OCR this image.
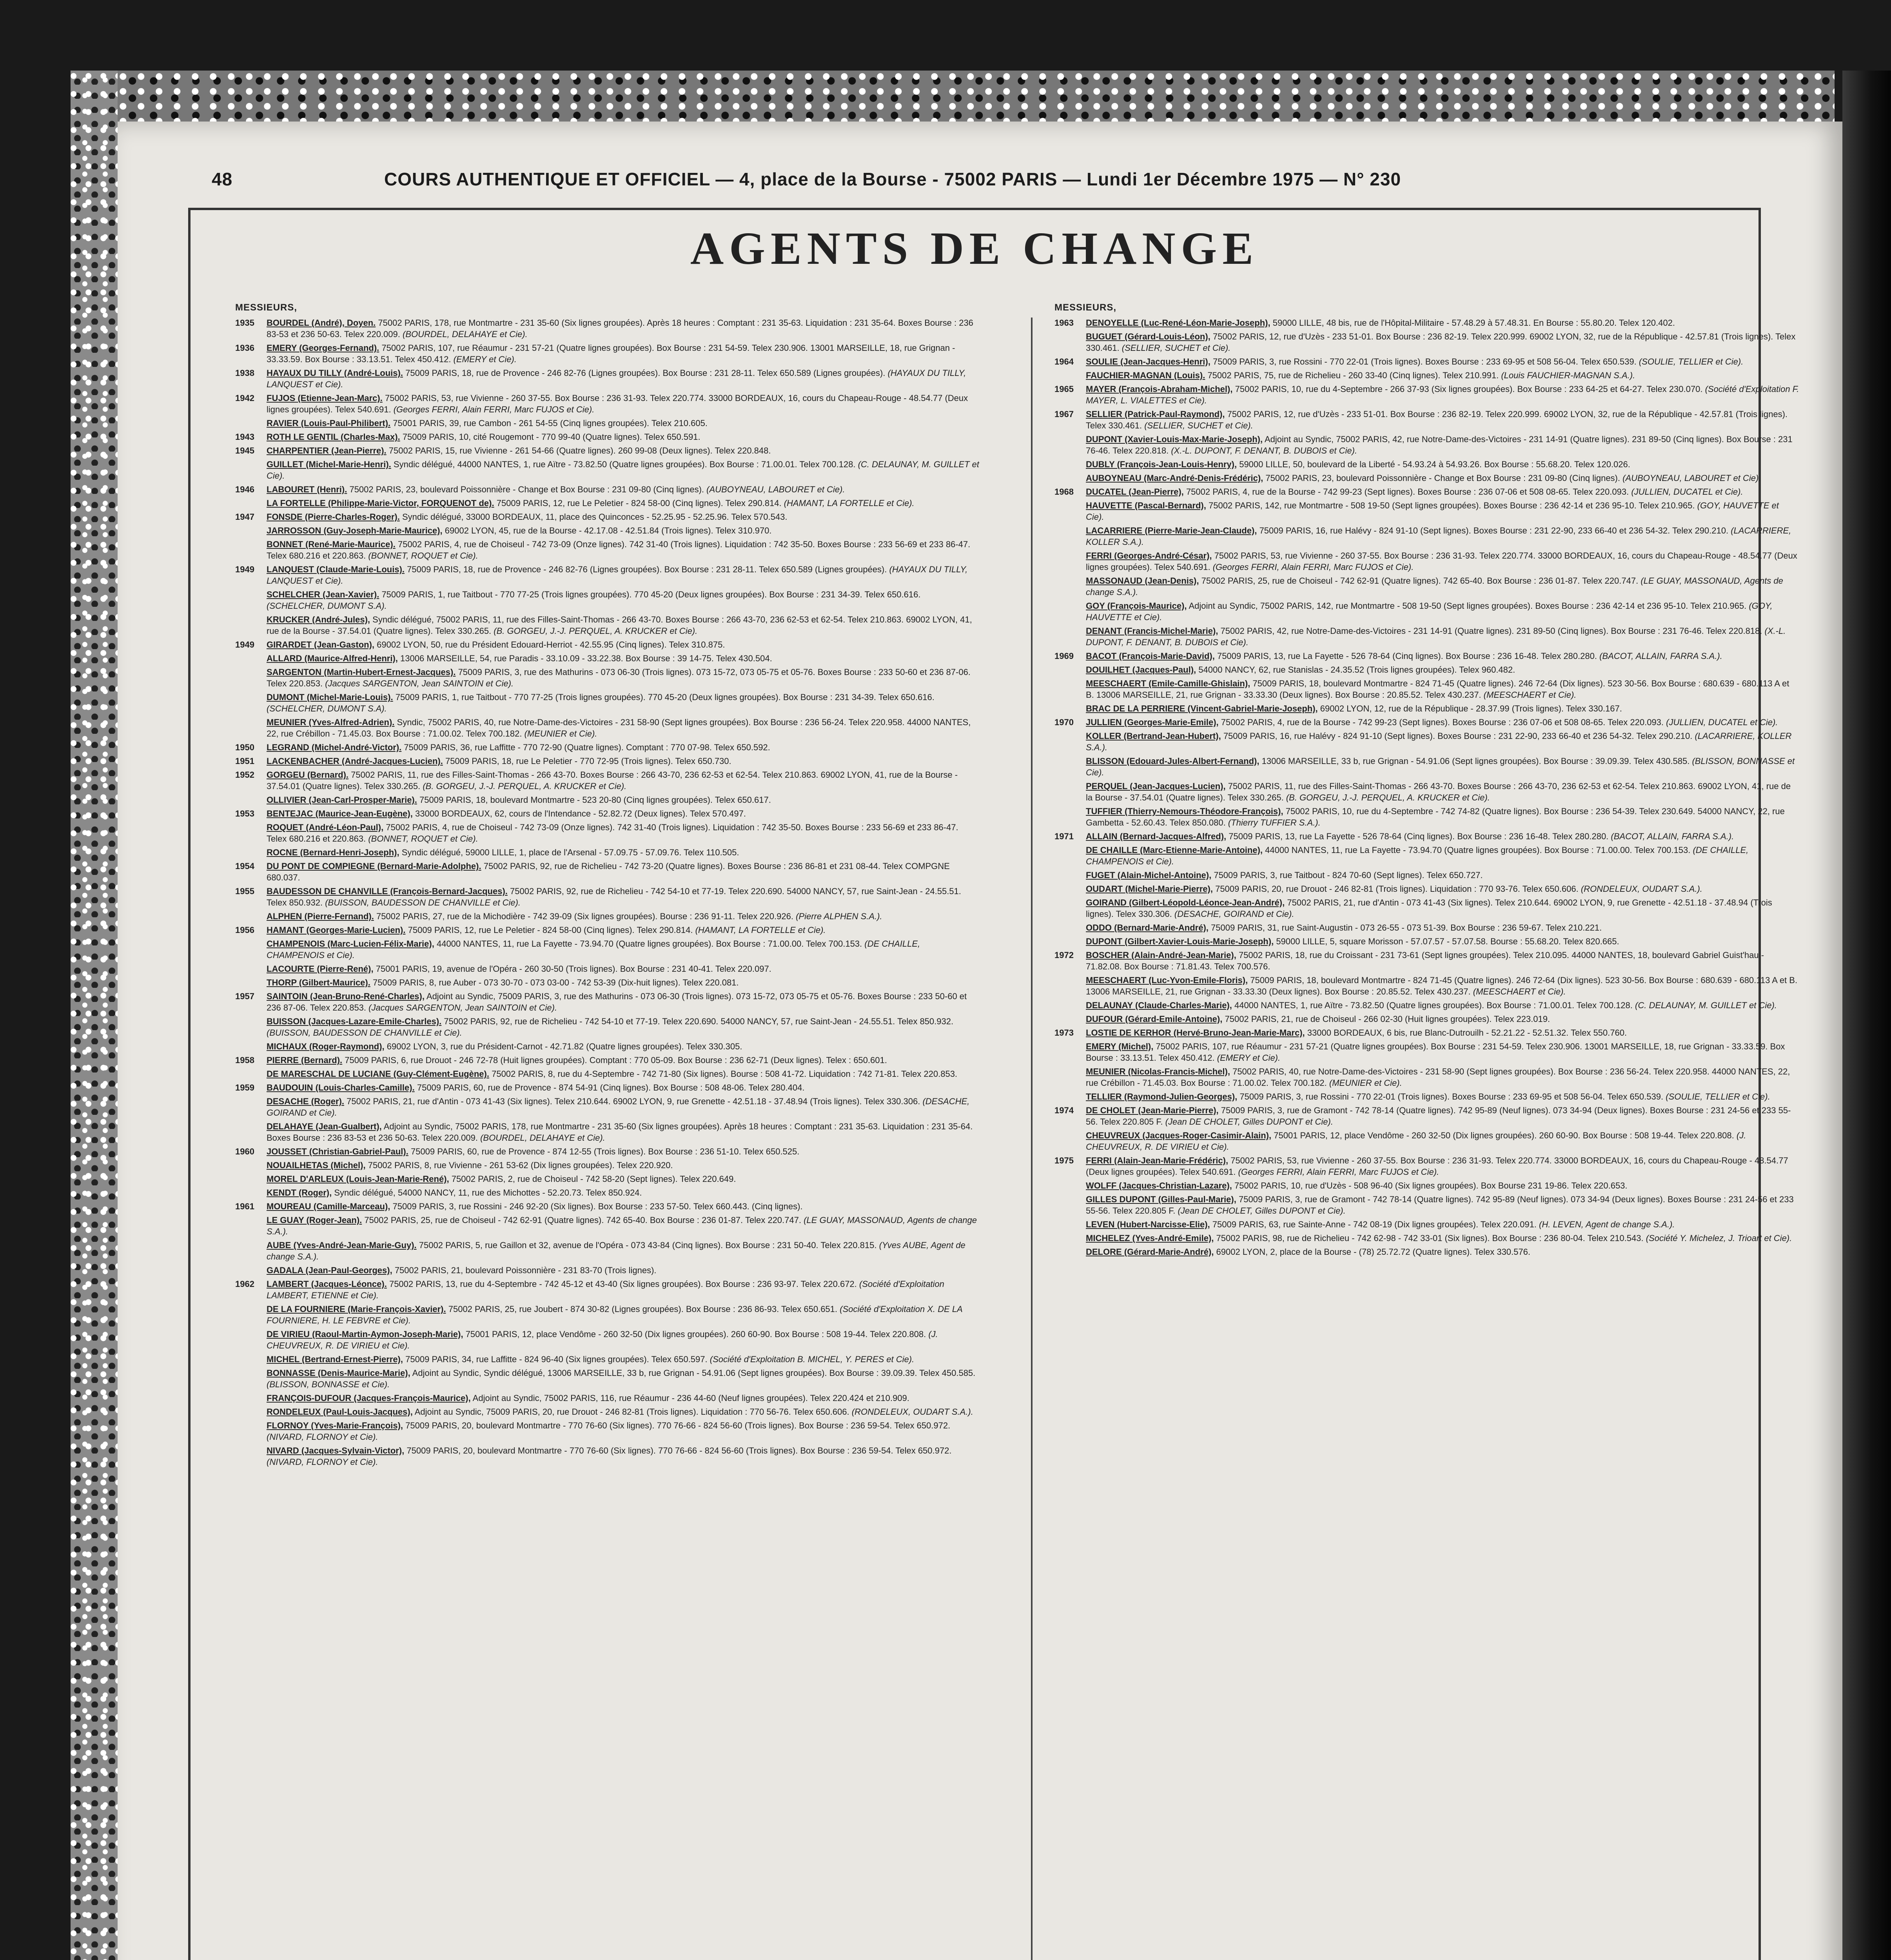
48	COURS AUTHENTIQUE ET OFFICIEL — 4, place de la Bourse - 75002 PARIS — Lundi 1er Décembre 1975 — N° 230
AGENTS DE CHANGE
MESSIEURS,
1935 BOURDEL (André), Doyen. 75002 PARIS, 178, rue Montmartre - 231 35-60 (Six lignes groupées). Après 18 heures : Comptant : 231 35-63. Liquidation : 231 35-64. Boxes Bourse : 236 83-53 et 236 50-63. Telex 220.009. (BOURDEL, DELAHAYE et Cie).
1936 EMERY (Georges-Fernand). 75002 PARIS, 107, rue Réaumur - 231 57-21 (Quatre lignes groupées). Box Bourse : 231 54-59. Telex 230.906. 13001 MARSEILLE, 18, rue Grignan - 33.33.59. Box Bourse : 33.13.51. Telex 450.412. (EMERY et Cie).
1938 HAYAUX DU TILLY (André-Louis). 75009 PARIS, 18, rue de Provence - 246 82-76 (Lignes groupées). Box Bourse : 231 28-11. Telex 650.589 (Lignes groupées). (HAYAUX DU TILLY, LANQUEST et Cie).
1942 FUJOS (Etienne-Jean-Marc). 75002 PARIS, 53, rue Vivienne - 260 37-55. Box Bourse : 236 31-93. Telex 220.774. 33000 BORDEAUX, 16, cours du Chapeau-Rouge - 48.54.77 (Deux lignes groupées). Telex 540.691. (Georges FERRI, Alain FERRI, Marc FUJOS et Cie).
RAVIER (Louis-Paul-Philibert). 75001 PARIS, 39, rue Cambon - 261 54-55 (Cinq lignes groupées). Telex 210.605.
1943 ROTH LE GENTIL (Charles-Max). 75009 PARIS, 10, cité Rougemont - 770 99-40 (Quatre lignes). Telex 650.591.
1945 CHARPENTIER (Jean-Pierre). 75002 PARIS, 15, rue Vivienne - 261 54-66 (Quatre lignes). 260 99-08 (Deux lignes). Telex 220.848.
GUILLET (Michel-Marie-Henri). Syndic délégué, 44000 NANTES, 1, rue Aïtre - 73.82.50 (Quatre lignes groupées). Box Bourse : 71.00.01. Telex 700.128. (C. DELAUNAY, M. GUILLET et Cie).
1946 LABOURET (Henri). 75002 PARIS, 23, boulevard Poissonnière - Change et Box Bourse : 231 09-80 (Cinq lignes). (AUBOYNEAU, LABOURET et Cie).
LA FORTELLE (Philippe-Marie-Victor, FORQUENOT de). 75009 PARIS, 12, rue Le Peletier - 824 58-00 (Cinq lignes). Telex 290.814. (HAMANT, LA FORTELLE et Cie).
1947 FONSDE (Pierre-Charles-Roger). Syndic délégué, 33000 BORDEAUX, 11, place des Quinconces - 52.25.95 - 52.25.96. Telex 570.543.
JARROSSON (Guy-Joseph-Marie-Maurice), 69002 LYON, 45, rue de la Bourse - 42.17.08 - 42.51.84 (Trois lignes). Telex 310.970.
BONNET (René-Marie-Maurice). 75002 PARIS, 4, rue de Choiseul - 742 73-09 (Onze lignes). 742 31-40 (Trois lignes). Liquidation : 742 35-50. Boxes Bourse : 233 56-69 et 233 86-47. Telex 680.216 et 220.863. (BONNET, ROQUET et Cie).
1949 LANQUEST (Claude-Marie-Louis). 75009 PARIS, 18, rue de Provence - 246 82-76 (Lignes groupées). Box Bourse : 231 28-11. Telex 650.589 (Lignes groupées). (HAYAUX DU TILLY, LANQUEST et Cie).
SCHELCHER (Jean-Xavier). 75009 PARIS, 1, rue Taitbout - 770 77-25 (Trois lignes groupées). 770 45-20 (Deux lignes groupées). Box Bourse : 231 34-39. Telex 650.616. (SCHELCHER, DUMONT S.A).
KRUCKER (André-Jules), Syndic délégué, 75002 PARIS, 11, rue des Filles-Saint-Thomas - 266 43-70. Boxes Bourse : 266 43-70, 236 62-53 et 62-54. Telex 210.863. 69002 LYON, 41, rue de la Bourse - 37.54.01 (Quatre lignes). Telex 330.265. (B. GORGEU, J.-J. PERQUEL, A. KRUCKER et Cie).
1949 GIRARDET (Jean-Gaston), 69002 LYON, 50, rue du Président Edouard-Herriot - 42.55.95 (Cinq lignes). Telex 310.875.
ALLARD (Maurice-Alfred-Henri), 13006 MARSEILLE, 54, rue Paradis - 33.10.09 - 33.22.38. Box Bourse : 39 14-75. Telex 430.504.
SARGENTON (Martin-Hubert-Ernest-Jacques). 75009 PARIS, 3, rue des Mathurins - 073 06-30 (Trois lignes). 073 15-72, 073 05-75 et 05-76. Boxes Bourse : 233 50-60 et 236 87-06. Telex 220.853. (Jacques SARGENTON, Jean SAINTOIN et Cie).
DUMONT (Michel-Marie-Louis). 75009 PARIS, 1, rue Taitbout - 770 77-25 (Trois lignes groupées). 770 45-20 (Deux lignes groupées). Box Bourse : 231 34-39. Telex 650.616. (SCHELCHER, DUMONT S.A).
MEUNIER (Yves-Alfred-Adrien). Syndic, 75002 PARIS, 40, rue Notre-Dame-des-Victoires - 231 58-90 (Sept lignes groupées). Box Bourse : 236 56-24. Telex 220.958. 44000 NANTES, 22, rue Crébillon - 71.45.03. Box Bourse : 71.00.02. Telex 700.182. (MEUNIER et Cie).
1950 LEGRAND (Michel-André-Victor). 75009 PARIS, 36, rue Laffitte - 770 72-90 (Quatre lignes). Comptant : 770 07-98. Telex 650.592.
1951 LACKENBACHER (André-Jacques-Lucien). 75009 PARIS, 18, rue Le Peletier - 770 72-95 (Trois lignes). Telex 650.730.
1952 GORGEU (Bernard). 75002 PARIS, 11, rue des Filles-Saint-Thomas - 266 43-70. Boxes Bourse : 266 43-70, 236 62-53 et 62-54. Telex 210.863. 69002 LYON, 41, rue de la Bourse - 37.54.01 (Quatre lignes). Telex 330.265. (B. GORGEU, J.-J. PERQUEL, A. KRUCKER et Cie).
OLLIVIER (Jean-Carl-Prosper-Marie). 75009 PARIS, 18, boulevard Montmartre - 523 20-80 (Cinq lignes groupées). Telex 650.617.
1953 BENTEJAC (Maurice-Jean-Eugène), 33000 BORDEAUX, 62, cours de l'Intendance - 52.82.72 (Deux lignes). Telex 570.497.
ROQUET (André-Léon-Paul), 75002 PARIS, 4, rue de Choiseul - 742 73-09 (Onze lignes). 742 31-40 (Trois lignes). Liquidation : 742 35-50. Boxes Bourse : 233 56-69 et 233 86-47. Telex 680.216 et 220.863. (BONNET, ROQUET et Cie).
ROCNE (Bernard-Henri-Joseph), Syndic délégué, 59000 LILLE, 1, place de l'Arsenal - 57.09.75 - 57.09.76. Telex 110.505.
1954 DU PONT DE COMPIEGNE (Bernard-Marie-Adolphe). 75002 PARIS, 92, rue de Richelieu - 742 73-20 (Quatre lignes). Boxes Bourse : 236 86-81 et 231 08-44. Telex COMPGNE 680.037.
1955 BAUDESSON DE CHANVILLE (François-Bernard-Jacques). 75002 PARIS, 92, rue de Richelieu - 742 54-10 et 77-19. Telex 220.690. 54000 NANCY, 57, rue Saint-Jean - 24.55.51. Telex 850.932. (BUISSON, BAUDESSON DE CHANVILLE et Cie).
ALPHEN (Pierre-Fernand). 75002 PARIS, 27, rue de la Michodière - 742 39-09 (Six lignes groupées). Bourse : 236 91-11. Telex 220.926. (Pierre ALPHEN S.A.).
1956 HAMANT (Georges-Marie-Lucien). 75009 PARIS, 12, rue Le Peletier - 824 58-00 (Cinq lignes). Telex 290.814. (HAMANT, LA FORTELLE et Cie).
CHAMPENOIS (Marc-Lucien-Félix-Marie), 44000 NANTES, 11, rue La Fayette - 73.94.70 (Quatre lignes groupées). Box Bourse : 71.00.00. Telex 700.153. (DE CHAILLE, CHAMPENOIS et Cie).
LACOURTE (Pierre-René), 75001 PARIS, 19, avenue de l'Opéra - 260 30-50 (Trois lignes). Box Bourse : 231 40-41. Telex 220.097.
THORP (Gilbert-Maurice). 75009 PARIS, 8, rue Auber - 073 30-70 - 073 03-00 - 742 53-39 (Dix-huit lignes). Telex 220.081.
1957 SAINTOIN (Jean-Bruno-René-Charles), Adjoint au Syndic, 75009 PARIS, 3, rue des Mathurins - 073 06-30 (Trois lignes). 073 15-72, 073 05-75 et 05-76. Boxes Bourse : 233 50-60 et 236 87-06. Telex 220.853. (Jacques SARGENTON, Jean SAINTOIN et Cie).
BUISSON (Jacques-Lazare-Emile-Charles). 75002 PARIS, 92, rue de Richelieu - 742 54-10 et 77-19. Telex 220.690. 54000 NANCY, 57, rue Saint-Jean - 24.55.51. Telex 850.932. (BUISSON, BAUDESSON DE CHANVILLE et Cie).
MICHAUX (Roger-Raymond), 69002 LYON, 3, rue du Président-Carnot - 42.71.82 (Quatre lignes groupées). Telex 330.305.
1958 PIERRE (Bernard). 75009 PARIS, 6, rue Drouot - 246 72-78 (Huit lignes groupées). Comptant : 770 05-09. Box Bourse : 236 62-71 (Deux lignes). Telex : 650.601.
DE MARESCHAL DE LUCIANE (Guy-Clément-Eugène). 75002 PARIS, 8, rue du 4-Septembre - 742 71-80 (Six lignes). Bourse : 508 41-72. Liquidation : 742 71-81. Telex 220.853.
1959 BAUDOUIN (Louis-Charles-Camille). 75009 PARIS, 60, rue de Provence - 874 54-91 (Cinq lignes). Box Bourse : 508 48-06. Telex 280.404.
DESACHE (Roger). 75002 PARIS, 21, rue d'Antin - 073 41-43 (Six lignes). Telex 210.644. 69002 LYON, 9, rue Grenette - 42.51.18 - 37.48.94 (Trois lignes). Telex 330.306. (DESACHE, GOIRAND et Cie).
DELAHAYE (Jean-Gualbert), Adjoint au Syndic, 75002 PARIS, 178, rue Montmartre - 231 35-60 (Six lignes groupées). Après 18 heures : Comptant : 231 35-63. Liquidation : 231 35-64. Boxes Bourse : 236 83-53 et 236 50-63. Telex 220.009. (BOURDEL, DELAHAYE et Cie).
1960 JOUSSET (Christian-Gabriel-Paul). 75009 PARIS, 60, rue de Provence - 874 12-55 (Trois lignes). Box Bourse : 236 51-10. Telex 650.525.
NOUAILHETAS (Michel), 75002 PARIS, 8, rue Vivienne - 261 53-62 (Dix lignes groupées). Telex 220.920.
MOREL D'ARLEUX (Louis-Jean-Marie-René), 75002 PARIS, 2, rue de Choiseul - 742 58-20 (Sept lignes). Telex 220.649.
KENDT (Roger), Syndic délégué, 54000 NANCY, 11, rue des Michottes - 52.20.73. Telex 850.924.
1961 MOUREAU (Camille-Marceau), 75009 PARIS, 3, rue Rossini - 246 92-20 (Six lignes). Box Bourse : 233 57-50. Telex 660.443. (Cinq lignes).
LE GUAY (Roger-Jean). 75002 PARIS, 25, rue de Choiseul - 742 62-91 (Quatre lignes). 742 65-40. Box Bourse : 236 01-87. Telex 220.747. (LE GUAY, MASSONAUD, Agents de change S.A.).
AUBE (Yves-André-Jean-Marie-Guy). 75002 PARIS, 5, rue Gaillon et 32, avenue de l'Opéra - 073 43-84 (Cinq lignes). Box Bourse : 231 50-40. Telex 220.815. (Yves AUBE, Agent de change S.A.).
GADALA (Jean-Paul-Georges), 75002 PARIS, 21, boulevard Poissonnière - 231 83-70 (Trois lignes).
1962 LAMBERT (Jacques-Léonce). 75002 PARIS, 13, rue du 4-Septembre - 742 45-12 et 43-40 (Six lignes groupées). Box Bourse : 236 93-97. Telex 220.672. (Société d'Exploitation LAMBERT, ETIENNE et Cie).
DE LA FOURNIERE (Marie-François-Xavier). 75002 PARIS, 25, rue Joubert - 874 30-82 (Lignes groupées). Box Bourse : 236 86-93. Telex 650.651. (Société d'Exploitation X. DE LA FOURNIERE, H. LE FEBVRE et Cie).
DE VIRIEU (Raoul-Martin-Aymon-Joseph-Marie), 75001 PARIS, 12, place Vendôme - 260 32-50 (Dix lignes groupées). 260 60-90. Box Bourse : 508 19-44. Telex 220.808. (J. CHEUVREUX, R. DE VIRIEU et Cie).
MICHEL (Bertrand-Ernest-Pierre), 75009 PARIS, 34, rue Laffitte - 824 96-40 (Six lignes groupées). Telex 650.597. (Société d'Exploitation B. MICHEL, Y. PERES et Cie).
BONNASSE (Denis-Maurice-Marie), Adjoint au Syndic, Syndic délégué, 13006 MARSEILLE, 33 b, rue Grignan - 54.91.06 (Sept lignes groupées). Box Bourse : 39.09.39. Telex 450.585. (BLISSON, BONNASSE et Cie).
FRANÇOIS-DUFOUR (Jacques-François-Maurice), Adjoint au Syndic, 75002 PARIS, 116, rue Réaumur - 236 44-60 (Neuf lignes groupées). Telex 220.424 et 210.909.
RONDELEUX (Paul-Louis-Jacques), Adjoint au Syndic, 75009 PARIS, 20, rue Drouot - 246 82-81 (Trois lignes). Liquidation : 770 56-76. Telex 650.606. (RONDELEUX, OUDART S.A.).
FLORNOY (Yves-Marie-François), 75009 PARIS, 20, boulevard Montmartre - 770 76-60 (Six lignes). 770 76-66 - 824 56-60 (Trois lignes). Box Bourse : 236 59-54. Telex 650.972. (NIVARD, FLORNOY et Cie).
NIVARD (Jacques-Sylvain-Victor), 75009 PARIS, 20, boulevard Montmartre - 770 76-60 (Six lignes). 770 76-66 - 824 56-60 (Trois lignes). Box Bourse : 236 59-54. Telex 650.972. (NIVARD, FLORNOY et Cie).
MESSIEURS,
1963 DENOYELLE (Luc-René-Léon-Marie-Joseph), 59000 LILLE, 48 bis, rue de l'Hôpital-Militaire - 57.48.29 à 57.48.31. En Bourse : 55.80.20. Telex 120.402.
BUGUET (Gérard-Louis-Léon), 75002 PARIS, 12, rue d'Uzès - 233 51-01. Box Bourse : 236 82-19. Telex 220.999. 69002 LYON, 32, rue de la République - 42.57.81 (Trois lignes). Telex 330.461. (SELLIER, SUCHET et Cie).
1964 SOULIE (Jean-Jacques-Henri), 75009 PARIS, 3, rue Rossini - 770 22-01 (Trois lignes). Boxes Bourse : 233 69-95 et 508 56-04. Telex 650.539. (SOULIE, TELLIER et Cie).
FAUCHIER-MAGNAN (Louis). 75002 PARIS, 75, rue de Richelieu - 260 33-40 (Cinq lignes). Telex 210.991. (Louis FAUCHIER-MAGNAN S.A.).
1965 MAYER (François-Abraham-Michel), 75002 PARIS, 10, rue du 4-Septembre - 266 37-93 (Six lignes groupées). Box Bourse : 233 64-25 et 64-27. Telex 230.070. (Société d'Exploitation F. MAYER, L. VIALETTES et Cie).
1967 SELLIER (Patrick-Paul-Raymond), 75002 PARIS, 12, rue d'Uzès - 233 51-01. Box Bourse : 236 82-19. Telex 220.999. 69002 LYON, 32, rue de la République - 42.57.81 (Trois lignes). Telex 330.461. (SELLIER, SUCHET et Cie).
DUPONT (Xavier-Louis-Max-Marie-Joseph), Adjoint au Syndic, 75002 PARIS, 42, rue Notre-Dame-des-Victoires - 231 14-91 (Quatre lignes). 231 89-50 (Cinq lignes). Box Bourse : 231 76-46. Telex 220.818. (X.-L. DUPONT, F. DENANT, B. DUBOIS et Cie).
DUBLY (François-Jean-Louis-Henry), 59000 LILLE, 50, boulevard de la Liberté - 54.93.24 à 54.93.26. Box Bourse : 55.68.20. Telex 120.026.
AUBOYNEAU (Marc-André-Denis-Frédéric), 75002 PARIS, 23, boulevard Poissonnière - Change et Box Bourse : 231 09-80 (Cinq lignes). (AUBOYNEAU, LABOURET et Cie).
1968 DUCATEL (Jean-Pierre), 75002 PARIS, 4, rue de la Bourse - 742 99-23 (Sept lignes). Boxes Bourse : 236 07-06 et 508 08-65. Telex 220.093. (JULLIEN, DUCATEL et Cie).
HAUVETTE (Pascal-Bernard), 75002 PARIS, 142, rue Montmartre - 508 19-50 (Sept lignes groupées). Boxes Bourse : 236 42-14 et 236 95-10. Telex 210.965. (GOY, HAUVETTE et Cie).
LACARRIERE (Pierre-Marie-Jean-Claude), 75009 PARIS, 16, rue Halévy - 824 91-10 (Sept lignes). Boxes Bourse : 231 22-90, 233 66-40 et 236 54-32. Telex 290.210. (LACARRIERE, KOLLER S.A.).
FERRI (Georges-André-César), 75002 PARIS, 53, rue Vivienne - 260 37-55. Box Bourse : 236 31-93. Telex 220.774. 33000 BORDEAUX, 16, cours du Chapeau-Rouge - 48.54.77 (Deux lignes groupées). Telex 540.691. (Georges FERRI, Alain FERRI, Marc FUJOS et Cie).
MASSONAUD (Jean-Denis), 75002 PARIS, 25, rue de Choiseul - 742 62-91 (Quatre lignes). 742 65-40. Box Bourse : 236 01-87. Telex 220.747. (LE GUAY, MASSONAUD, Agents de change S.A.).
GOY (François-Maurice), Adjoint au Syndic, 75002 PARIS, 142, rue Montmartre - 508 19-50 (Sept lignes groupées). Boxes Bourse : 236 42-14 et 236 95-10. Telex 210.965. (GOY, HAUVETTE et Cie).
DENANT (Francis-Michel-Marie), 75002 PARIS, 42, rue Notre-Dame-des-Victoires - 231 14-91 (Quatre lignes). 231 89-50 (Cinq lignes). Box Bourse : 231 76-46. Telex 220.818. (X.-L. DUPONT, F. DENANT, B. DUBOIS et Cie).
1969 BACOT (François-Marie-David), 75009 PARIS, 13, rue La Fayette - 526 78-64 (Cinq lignes). Box Bourse : 236 16-48. Telex 280.280. (BACOT, ALLAIN, FARRA S.A.).
DOUILHET (Jacques-Paul), 54000 NANCY, 62, rue Stanislas - 24.35.52 (Trois lignes groupées). Telex 960.482.
MEESCHAERT (Emile-Camille-Ghislain), 75009 PARIS, 18, boulevard Montmartre - 824 71-45 (Quatre lignes). 246 72-64 (Dix lignes). 523 30-56. Box Bourse : 680.639 - 680.113 A et B. 13006 MARSEILLE, 21, rue Grignan - 33.33.30 (Deux lignes). Box Bourse : 20.85.52. Telex 430.237. (MEESCHAERT et Cie).
BRAC DE LA PERRIERE (Vincent-Gabriel-Marie-Joseph), 69002 LYON, 12, rue de la République - 28.37.99 (Trois lignes). Telex 330.167.
1970 JULLIEN (Georges-Marie-Emile), 75002 PARIS, 4, rue de la Bourse - 742 99-23 (Sept lignes). Boxes Bourse : 236 07-06 et 508 08-65. Telex 220.093. (JULLIEN, DUCATEL et Cie).
KOLLER (Bertrand-Jean-Hubert), 75009 PARIS, 16, rue Halévy - 824 91-10 (Sept lignes). Boxes Bourse : 231 22-90, 233 66-40 et 236 54-32. Telex 290.210. (LACARRIERE, KOLLER S.A.).
BLISSON (Edouard-Jules-Albert-Fernand), 13006 MARSEILLE, 33 b, rue Grignan - 54.91.06 (Sept lignes groupées). Box Bourse : 39.09.39. Telex 430.585. (BLISSON, BONNASSE et Cie).
PERQUEL (Jean-Jacques-Lucien), 75002 PARIS, 11, rue des Filles-Saint-Thomas - 266 43-70. Boxes Bourse : 266 43-70, 236 62-53 et 62-54. Telex 210.863. 69002 LYON, 41, rue de la Bourse - 37.54.01 (Quatre lignes). Telex 330.265. (B. GORGEU, J.-J. PERQUEL, A. KRUCKER et Cie).
TUFFIER (Thierry-Nemours-Théodore-François), 75002 PARIS, 10, rue du 4-Septembre - 742 74-82 (Quatre lignes). Box Bourse : 236 54-39. Telex 230.649. 54000 NANCY, 22, rue Gambetta - 52.60.43. Telex 850.080. (Thierry TUFFIER S.A.).
1971 ALLAIN (Bernard-Jacques-Alfred), 75009 PARIS, 13, rue La Fayette - 526 78-64 (Cinq lignes). Box Bourse : 236 16-48. Telex 280.280. (BACOT, ALLAIN, FARRA S.A.).
DE CHAILLE (Marc-Etienne-Marie-Antoine), 44000 NANTES, 11, rue La Fayette - 73.94.70 (Quatre lignes groupées). Box Bourse : 71.00.00. Telex 700.153. (DE CHAILLE, CHAMPENOIS et Cie).
FUGET (Alain-Michel-Antoine), 75009 PARIS, 3, rue Taitbout - 824 70-60 (Sept lignes). Telex 650.727.
OUDART (Michel-Marie-Pierre), 75009 PARIS, 20, rue Drouot - 246 82-81 (Trois lignes). Liquidation : 770 93-76. Telex 650.606. (RONDELEUX, OUDART S.A.).
GOIRAND (Gilbert-Léopold-Léonce-Jean-André), 75002 PARIS, 21, rue d'Antin - 073 41-43 (Six lignes). Telex 210.644. 69002 LYON, 9, rue Grenette - 42.51.18 - 37.48.94 (Trois lignes). Telex 330.306. (DESACHE, GOIRAND et Cie).
ODDO (Bernard-Marie-André), 75009 PARIS, 31, rue Saint-Augustin - 073 26-55 - 073 51-39. Box Bourse : 236 59-67. Telex 210.221.
DUPONT (Gilbert-Xavier-Louis-Marie-Joseph), 59000 LILLE, 5, square Morisson - 57.07.57 - 57.07.58. Bourse : 55.68.20. Telex 820.665.
1972 BOSCHER (Alain-André-Jean-Marie), 75002 PARIS, 18, rue du Croissant - 231 73-61 (Sept lignes groupées). Telex 210.095. 44000 NANTES, 18, boulevard Gabriel Guist'hau - 71.82.08. Box Bourse : 71.81.43. Telex 700.576.
MEESCHAERT (Luc-Yvon-Emile-Floris), 75009 PARIS, 18, boulevard Montmartre - 824 71-45 (Quatre lignes). 246 72-64 (Dix lignes). 523 30-56. Box Bourse : 680.639 - 680.113 A et B. 13006 MARSEILLE, 21, rue Grignan - 33.33.30 (Deux lignes). Box Bourse : 20.85.52. Telex 430.237. (MEESCHAERT et Cie).
DELAUNAY (Claude-Charles-Marie), 44000 NANTES, 1, rue Aïtre - 73.82.50 (Quatre lignes groupées). Box Bourse : 71.00.01. Telex 700.128. (C. DELAUNAY, M. GUILLET et Cie).
DUFOUR (Gérard-Emile-Antoine), 75002 PARIS, 21, rue de Choiseul - 266 02-30 (Huit lignes groupées). Telex 223.019.
1973 LOSTIE DE KERHOR (Hervé-Bruno-Jean-Marie-Marc), 33000 BORDEAUX, 6 bis, rue Blanc-Dutrouilh - 52.21.22 - 52.51.32. Telex 550.760.
EMERY (Michel), 75002 PARIS, 107, rue Réaumur - 231 57-21 (Quatre lignes groupées). Box Bourse : 231 54-59. Telex 230.906. 13001 MARSEILLE, 18, rue Grignan - 33.33.59. Box Bourse : 33.13.51. Telex 450.412. (EMERY et Cie).
MEUNIER (Nicolas-Francis-Michel), 75002 PARIS, 40, rue Notre-Dame-des-Victoires - 231 58-90 (Sept lignes groupées). Box Bourse : 236 56-24. Telex 220.958. 44000 NANTES, 22, rue Crébillon - 71.45.03. Box Bourse : 71.00.02. Telex 700.182. (MEUNIER et Cie).
TELLIER (Raymond-Julien-Georges), 75009 PARIS, 3, rue Rossini - 770 22-01 (Trois lignes). Boxes Bourse : 233 69-95 et 508 56-04. Telex 650.539. (SOULIE, TELLIER et Cie).
1974 DE CHOLET (Jean-Marie-Pierre), 75009 PARIS, 3, rue de Gramont - 742 78-14 (Quatre lignes). 742 95-89 (Neuf lignes). 073 34-94 (Deux lignes). Boxes Bourse : 231 24-56 et 233 55-56. Telex 220.805 F. (Jean DE CHOLET, Gilles DUPONT et Cie).
CHEUVREUX (Jacques-Roger-Casimir-Alain), 75001 PARIS, 12, place Vendôme - 260 32-50 (Dix lignes groupées). 260 60-90. Box Bourse : 508 19-44. Telex 220.808. (J. CHEUVREUX, R. DE VIRIEU et Cie).
1975 FERRI (Alain-Jean-Marie-Frédéric), 75002 PARIS, 53, rue Vivienne - 260 37-55. Box Bourse : 236 31-93. Telex 220.774. 33000 BORDEAUX, 16, cours du Chapeau-Rouge - 48.54.77 (Deux lignes groupées). Telex 540.691. (Georges FERRI, Alain FERRI, Marc FUJOS et Cie).
WOLFF (Jacques-Christian-Lazare), 75002 PARIS, 10, rue d'Uzès - 508 96-40 (Six lignes groupées). Box Bourse 231 19-86. Telex 220.653.
GILLES DUPONT (Gilles-Paul-Marie), 75009 PARIS, 3, rue de Gramont - 742 78-14 (Quatre lignes). 742 95-89 (Neuf lignes). 073 34-94 (Deux lignes). Boxes Bourse : 231 24-56 et 233 55-56. Telex 220.805 F. (Jean DE CHOLET, Gilles DUPONT et Cie).
LEVEN (Hubert-Narcisse-Elie), 75009 PARIS, 63, rue Sainte-Anne - 742 08-19 (Dix lignes groupées). Telex 220.091. (H. LEVEN, Agent de change S.A.).
MICHELEZ (Yves-André-Emile), 75002 PARIS, 98, rue de Richelieu - 742 62-98 - 742 33-01 (Six lignes). Box Bourse : 236 80-04. Telex 210.543. (Société Y. Michelez, J. Trioart et Cie).
DELORE (Gérard-Marie-André), 69002 LYON, 2, place de la Bourse - (78) 25.72.72 (Quatre lignes). Telex 330.576.
